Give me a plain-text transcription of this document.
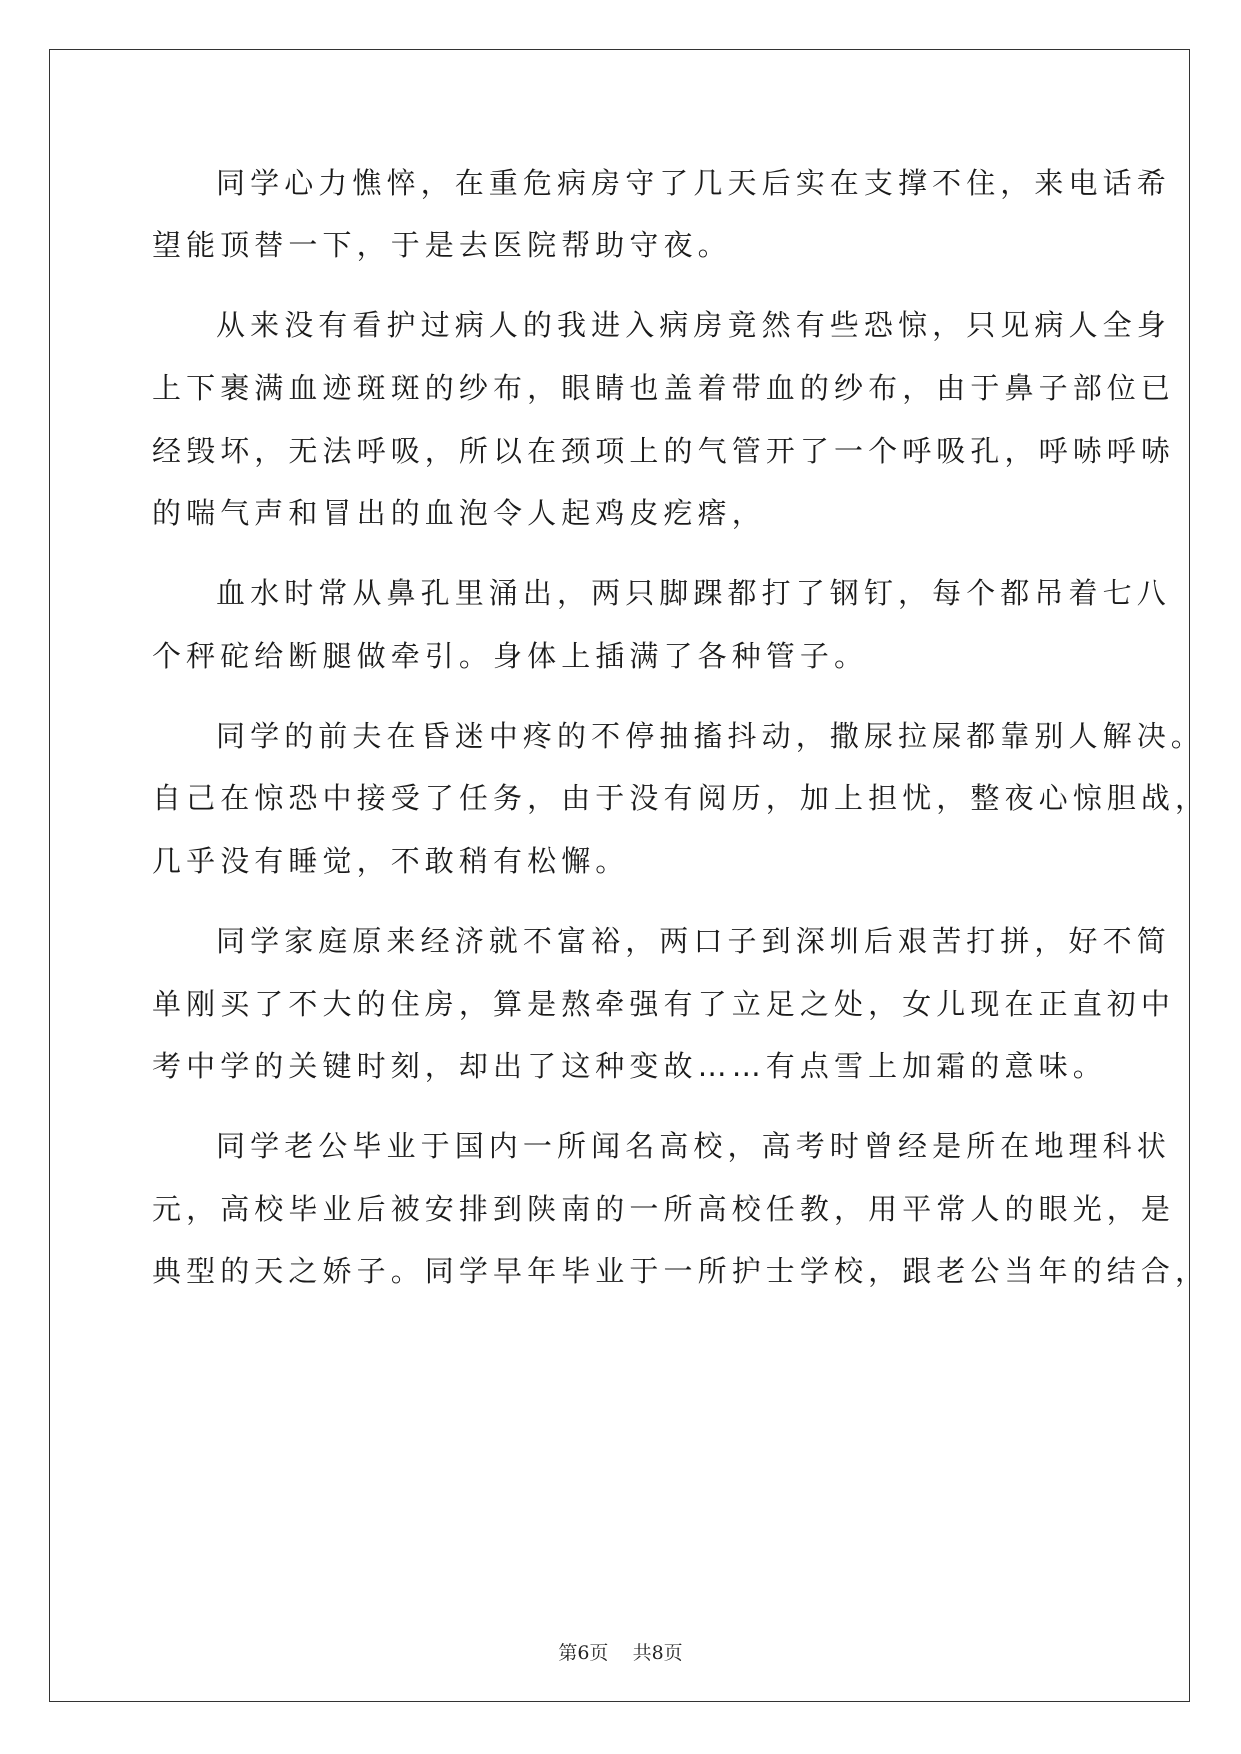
同学心力憔悴，在重危病房守了几天后实在支撑不住，来电话希
望能顶替一下，于是去医院帮助守夜。
从来没有看护过病人的我进入病房竟然有些恐惊，只见病人全身
上下裹满血迹斑斑的纱布，眼睛也盖着带血的纱布，由于鼻子部位已
经毁坏，无法呼吸，所以在颈项上的气管开了一个呼吸孔，呼哧呼哧
的喘气声和冒出的血泡令人起鸡皮疙瘩，
血水时常从鼻孔里涌出，两只脚踝都打了钢钉，每个都吊着七八
个秤砣给断腿做牵引。身体上插满了各种管子。
同学的前夫在昏迷中疼的不停抽搐抖动，撒尿拉屎都靠别人解决。
自己在惊恐中接受了任务，由于没有阅历，加上担忧，整夜心惊胆战，
几乎没有睡觉，不敢稍有松懈。
同学家庭原来经济就不富裕，两口子到深圳后艰苦打拼，好不简
单刚买了不大的住房，算是熬牵强有了立足之处，女儿现在正直初中
考中学的关键时刻，却出了这种变故……有点雪上加霜的意味。
同学老公毕业于国内一所闻名高校，高考时曾经是所在地理科状
元，高校毕业后被安排到陕南的一所高校任教，用平常人的眼光，是
典型的天之娇子。同学早年毕业于一所护士学校，跟老公当年的结合，
第6页 共8页
